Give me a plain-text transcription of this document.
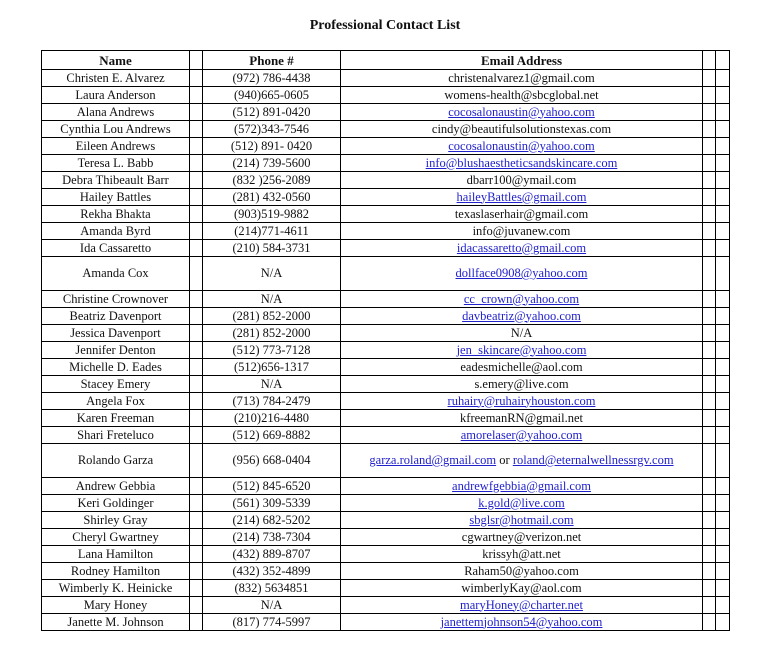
Professional Contact List
Name		Phone #	Email Address		
Christen E. Alvarez		(972) 786-4438	christenalvarez1@gmail.com		
Laura Anderson		(940)665-0605	womens-health@sbcglobal.net		
Alana Andrews		(512) 891-0420	cocosalonaustin@yahoo.com		
Cynthia Lou Andrews		(572)343-7546	cindy@beautifulsolutionstexas.com		
Eileen Andrews		(512) 891- 0420	cocosalonaustin@yahoo.com		
Teresa L. Babb		(214) 739-5600	info@blushaestheticsandskincare.com		
Debra Thibeault Barr		(832 )256-2089	dbarr100@ymail.com		
Hailey Battles		(281) 432-0560	haileyBattles@gmail.com		
Rekha Bhakta		(903)519-9882	texaslaserhair@gmail.com		
Amanda Byrd		(214)771-4611	info@juvanew.com		
Ida Cassaretto		(210) 584-3731	idacassaretto@gmail.com		
Amanda Cox		N/A	dollface0908@yahoo.com		
Christine Crownover		N/A	cc_crown@yahoo.com		
Beatriz Davenport		(281) 852-2000	davbeatriz@yahoo.com		
Jessica Davenport		(281) 852-2000	N/A		
Jennifer Denton		(512) 773-7128	jen_skincare@yahoo.com		
Michelle D. Eades		(512)656-1317	eadesmichelle@aol.com		
Stacey Emery		N/A	s.emery@live.com		
Angela Fox		(713) 784-2479	ruhairy@ruhairyhouston.com		
Karen Freeman		(210)216-4480	kfreemanRN@gmail.net		
Shari Freteluco		(512) 669-8882	amorelaser@yahoo.com		
Rolando Garza		(956) 668-0404	garza.roland@gmail.com or roland@eternalwellnessrgv.com		
Andrew Gebbia		(512) 845-6520	andrewfgebbia@gmail.com		
Keri Goldinger		(561) 309-5339	k.gold@live.com		
Shirley Gray		(214) 682-5202	sbglsr@hotmail.com		
Cheryl Gwartney		(214) 738-7304	cgwartney@verizon.net		
Lana Hamilton		(432) 889-8707	krissyh@att.net		
Rodney Hamilton		(432) 352-4899	Raham50@yahoo.com		
Wimberly K. Heinicke		(832) 5634851	wimberlyKay@aol.com		
Mary Honey		N/A	maryHoney@charter.net		
Janette M. Johnson		(817) 774-5997	janettemjohnson54@yahoo.com		
